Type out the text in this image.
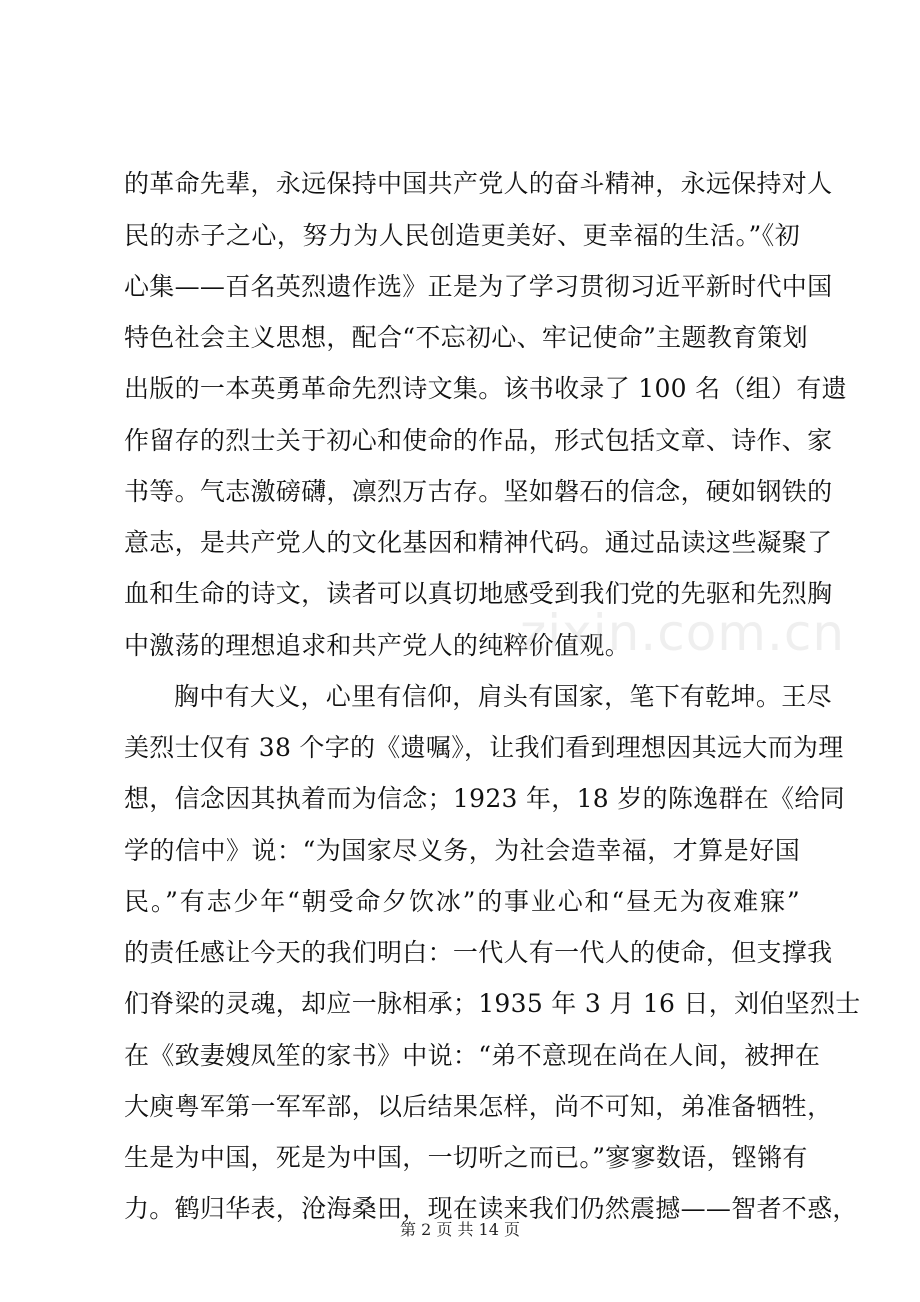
的革命先辈，永远保持中国共产党人的奋斗精神，永远保持对人
民的赤子之心，努力为人民创造更美好、更幸福的生活。”《初
心集——百名英烈遗作选》正是为了学习贯彻习近平新时代中国
特色社会主义思想，配合“不忘初心、牢记使命”主题教育策划
出版的一本英勇革命先烈诗文集。该书收录了 100 名（组）有遗
作留存的烈士关于初心和使命的作品，形式包括文章、诗作、家
书等。气志激磅礴，凛烈万古存。坚如磐石的信念，硬如钢铁的
意志，是共产党人的文化基因和精神代码。通过品读这些凝聚了
血和生命的诗文，读者可以真切地感受到我们党的先驱和先烈胸
中激荡的理想追求和共产党人的纯粹价值观。
胸中有大义，心里有信仰，肩头有国家，笔下有乾坤。王尽
美烈士仅有 38 个字的《遗嘱》，让我们看到理想因其远大而为理
想，信念因其执着而为信念；1923 年，18 岁的陈逸群在《给同
学的信中》说：“为国家尽义务，为社会造幸福，才算是好国
民。”有志少年“朝受命夕饮冰”的事业心和“昼无为夜难寐”
的责任感让今天的我们明白：一代人有一代人的使命，但支撑我
们脊梁的灵魂，却应一脉相承；1935 年 3 月 16 日，刘伯坚烈士
在《致妻嫂凤笙的家书》中说：“弟不意现在尚在人间，被押在
大庾粤军第一军军部，以后结果怎样，尚不可知，弟准备牺牲，
生是为中国，死是为中国，一切听之而已。”寥寥数语，铿锵有
力。鹤归华表，沧海桑田，现在读来我们仍然震撼——智者不惑，
zixin.com.cn
第 2 页 共 14 页
